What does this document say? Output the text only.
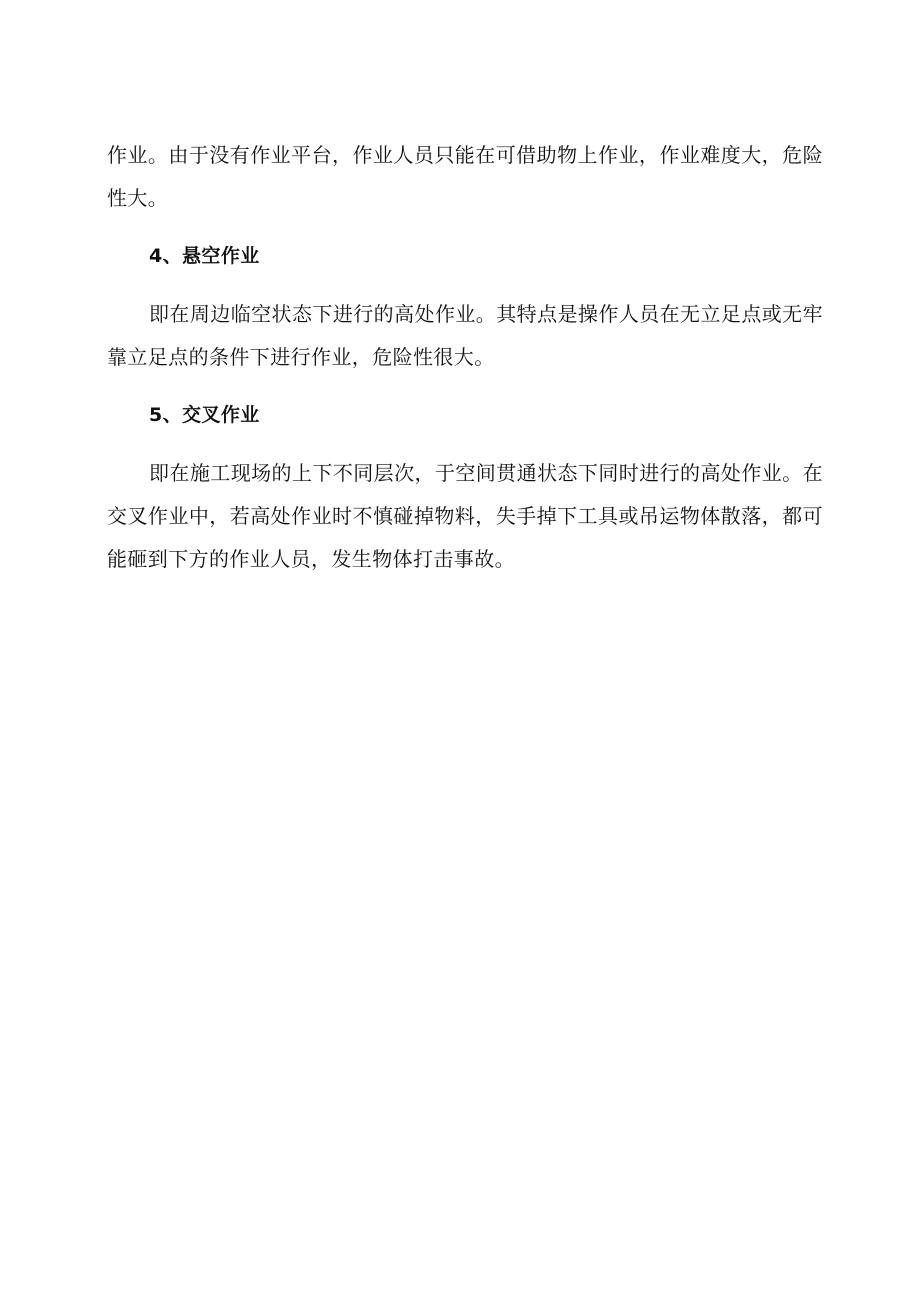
作业。由于没有作业平台，作业人员只能在可借助物上作业，作业难度大，危险性大。

4、悬空作业

即在周边临空状态下进行的高处作业。其特点是操作人员在无立足点或无牢靠立足点的条件下进行作业，危险性很大。

5、交叉作业

即在施工现场的上下不同层次，于空间贯通状态下同时进行的高处作业。在交叉作业中，若高处作业时不慎碰掉物料，失手掉下工具或吊运物体散落，都可能砸到下方的作业人员，发生物体打击事故。
